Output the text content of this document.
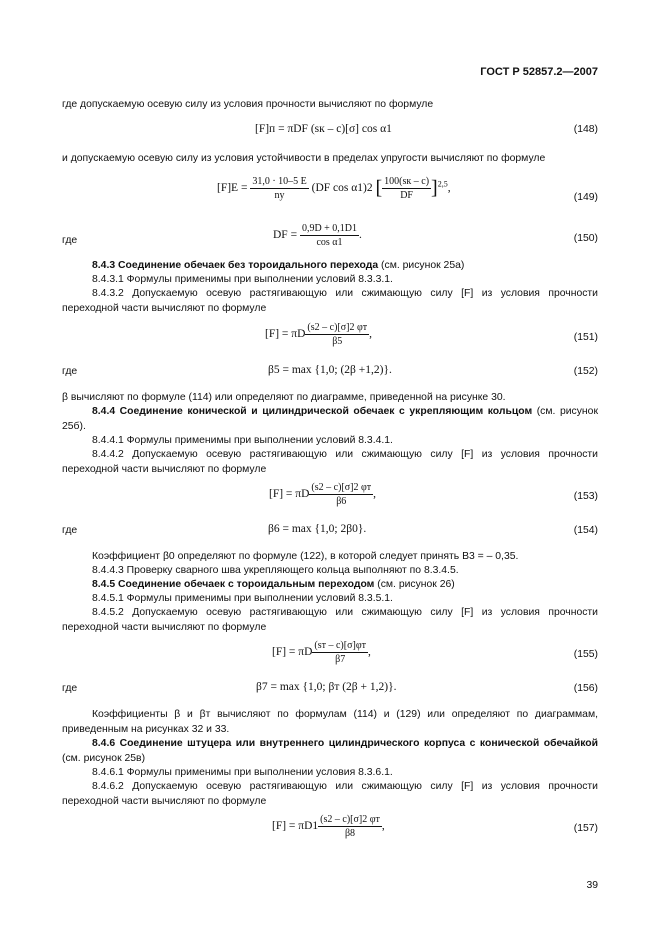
ГОСТ Р 52857.2—2007
где допускаемую осевую силу из условия прочности вычисляют по формуле
[F]п = πDF (sк – c)[σ] cos α1	(148)
и допускаемую осевую силу из условия устойчивости в пределах упругости вычисляют по формуле
$[F]E = \frac{31,0 \cdot 10-5 E}{nу} (DF$ cos α1)2 [ $\frac{100(sк - c)}{DF} ]^{2,5}$,
(149)
где	DF = $\frac{0,9D + 0,1D1}{\text{cos α1}}$ .	(150)
8.4.3 Соединение обечаек без тороидального перехода (см. рисунок 25а)
8.4.3.1 Формулы применимы при выполнении условий 8.3.3.1.
8.4.3.2 Допускаемую осевую растягивающую или сжимающую силу [F] из условия прочности переходной части вычисляют по формуле
[F] = πD $\frac{(s2 - c)[\sigma]2 \varphi т}{\beta 5}$ ,	(151)
где	β5 = max {1,0; (2β +1,2)}.	(152)
β вычисляют по формуле (114) или определяют по диаграмме, приведенной на рисунке 30.
8.4.4 Соединение конической и цилиндрической обечаек с укрепляющим кольцом (см. рисунок 25б).
8.4.4.1 Формулы применимы при выполнении условий 8.3.4.1.
8.4.4.2 Допускаемую осевую растягивающую или сжимающую силу [F] из условия прочности переходной части вычисляют по формуле
[F] = πD $\frac{(s2 - c)[\sigma]2 \varphi т}{\beta 6}$ ,	(153)
где	β6 = max {1,0; 2β0}.	(154)
Коэффициент β0 определяют по формуле (122), в которой следует принять B3 = – 0,35.
8.4.4.3 Проверку сварного шва укрепляющего кольца выполняют по 8.3.4.5.
8.4.5 Соединение обечаек с тороидальным переходом (см. рисунок 26)
8.4.5.1 Формулы применимы при выполнении условий 8.3.5.1.
8.4.5.2 Допускаемую осевую растягивающую или сжимающую силу [F] из условия прочности переходной части вычисляют по формуле
[F] = πD $\frac{(sт - c)[\sigma]\varphi т}{\beta 7}$ ,	(155)
где	β7 = max {1,0; βт (2β + 1,2)}.	(156)
Коэффициенты β и βт вычисляют по формулам (114) и (129) или определяют по диаграммам, приведенным на рисунках 32 и 33.
8.4.6 Соединение штуцера или внутреннего цилиндрического корпуса с конической обечайкой (см. рисунок 25в)
8.4.6.1 Формулы применимы при выполнении условия 8.3.6.1.
8.4.6.2 Допускаемую осевую растягивающую или сжимающую силу [F] из условия прочности переходной части вычисляют по формуле
$[F] = \pi D1 \frac{(s2 - c)[\sigma]2 \varphi т}{\beta 8}$ ,	(157)
39
